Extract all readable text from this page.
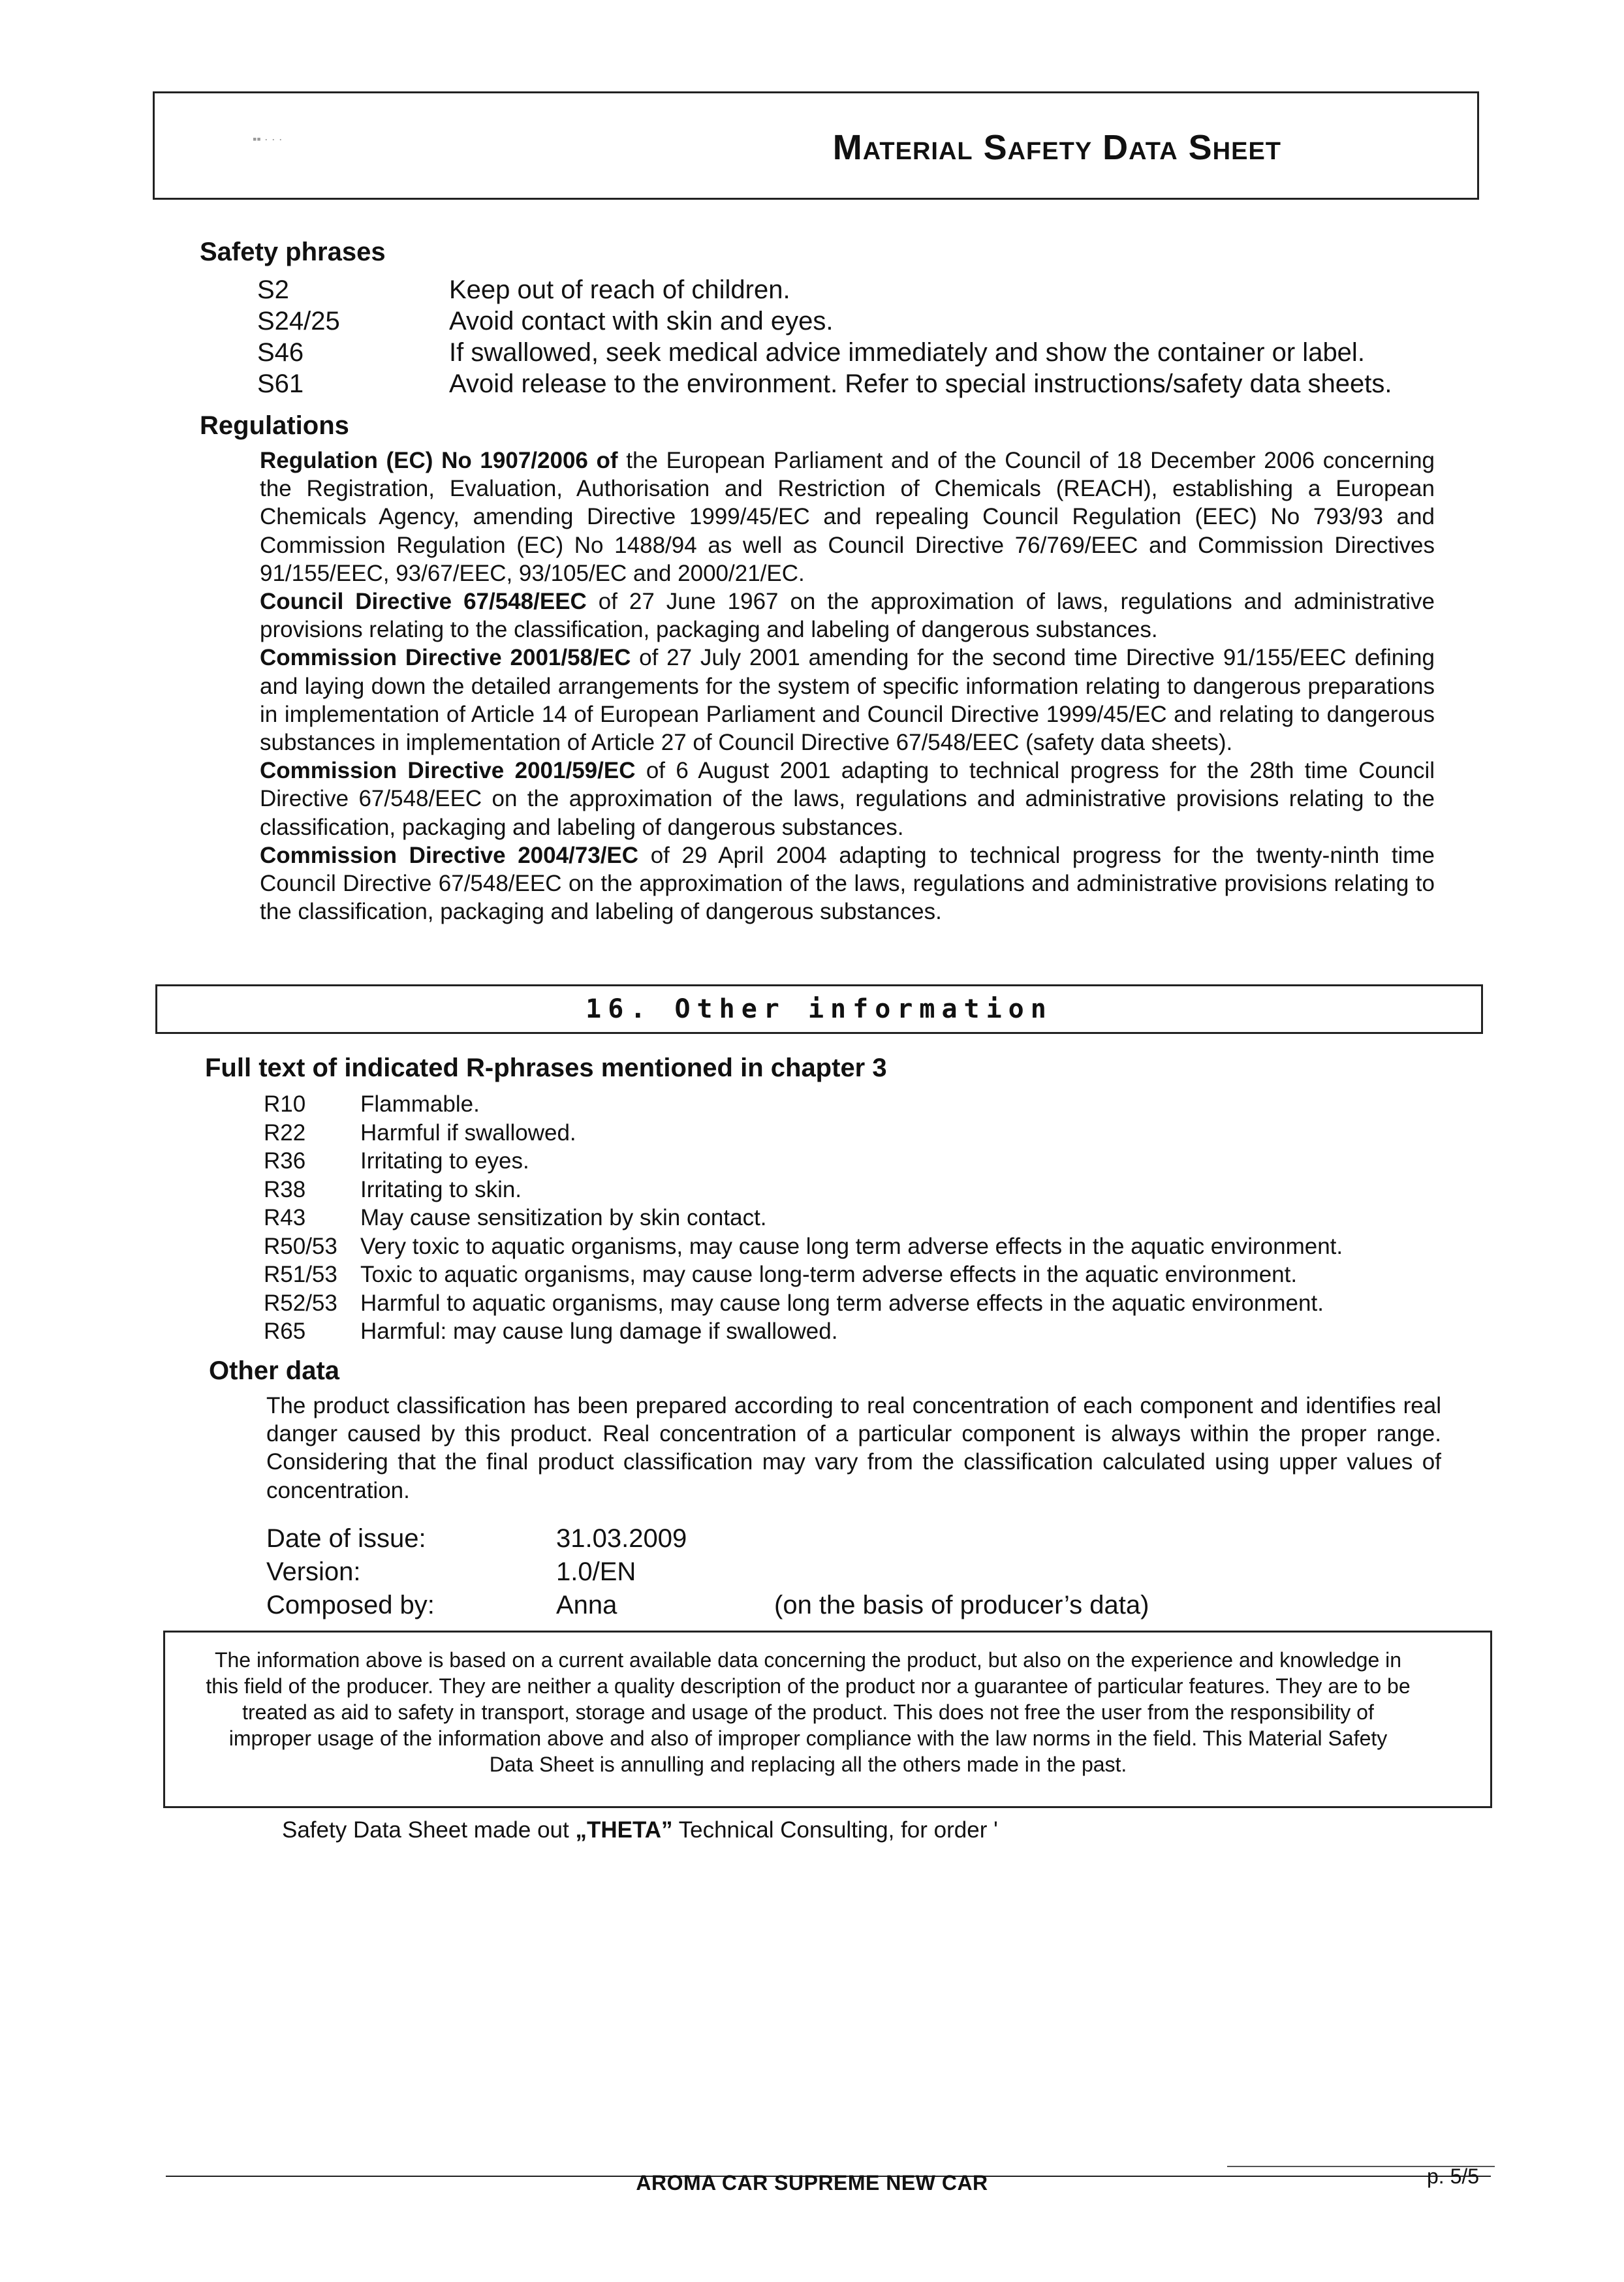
▪▪ · · ·	Material Safety Data Sheet
Safety phrases
S2	Keep out of reach of children.
S24/25	Avoid contact with skin and eyes.
S46	If swallowed, seek medical advice immediately and show the container or label.
S61	Avoid release to the environment. Refer to special instructions/safety data sheets.
Regulations
Regulation (EC) No 1907/2006 of the European Parliament and of the Council of 18 December 2006 concerning the Registration, Evaluation, Authorisation and Restriction of Chemicals (REACH), establishing a European Chemicals Agency, amending Directive 1999/45/EC and repealing Council Regulation (EEC) No 793/93 and Commission Regulation (EC) No 1488/94 as well as Council Directive 76/769/EEC and Commission Directives 91/155/EEC, 93/67/EEC, 93/105/EC and 2000/21/EC.
Council Directive 67/548/EEC of 27 June 1967 on the approximation of laws, regulations and administrative provisions relating to the classification, packaging and labeling of dangerous substances.
Commission Directive 2001/58/EC of 27 July 2001 amending for the second time Directive 91/155/EEC defining and laying down the detailed arrangements for the system of specific information relating to dangerous preparations in implementation of Article 14 of European Parliament and Council Directive 1999/45/EC and relating to dangerous substances in implementation of Article 27 of Council Directive 67/548/EEC (safety data sheets).
Commission Directive 2001/59/EC of 6 August 2001 adapting to technical progress for the 28th time Council Directive 67/548/EEC on the approximation of the laws, regulations and administrative provisions relating to the classification, packaging and labeling of dangerous substances.
Commission Directive 2004/73/EC of 29 April 2004 adapting to technical progress for the twenty-ninth time Council Directive 67/548/EEC on the approximation of the laws, regulations and administrative provisions relating to the classification, packaging and labeling of dangerous substances.
16. Other information
Full text of indicated R-phrases mentioned in chapter 3
R10 Flammable.
R22 Harmful if swallowed.
R36 Irritating to eyes.
R38 Irritating to skin.
R43 May cause sensitization by skin contact.
R50/53 Very toxic to aquatic organisms, may cause long term adverse effects in the aquatic environment.
R51/53 Toxic to aquatic organisms, may cause long-term adverse effects in the aquatic environment.
R52/53 Harmful to aquatic organisms, may cause long term adverse effects in the aquatic environment.
R65 Harmful: may cause lung damage if swallowed.
Other data
The product classification has been prepared according to real concentration of each component and identifies real danger caused by this product. Real concentration of a particular component is always within the proper range. Considering that the final product classification may vary from the classification calculated using upper values of concentration.
Date of issue:	31.03.2009
Version:	1.0/EN
Composed by:	Anna	(on the basis of producer’s data)
The information above is based on a current available data concerning the product, but also on the experience and knowledge in this field of the producer. They are neither a quality description of the product nor a guarantee of particular features. They are to be treated as aid to safety in transport, storage and usage of the product. This does not free the user from the responsibility of improper usage of the information above and also of improper compliance with the law norms in the field. This Material Safety Data Sheet is annulling and replacing all the others made in the past.
Safety Data Sheet made out „THETA” Technical Consulting, for order '
AROMA CAR SUPREME NEW CAR	p. 5/5
